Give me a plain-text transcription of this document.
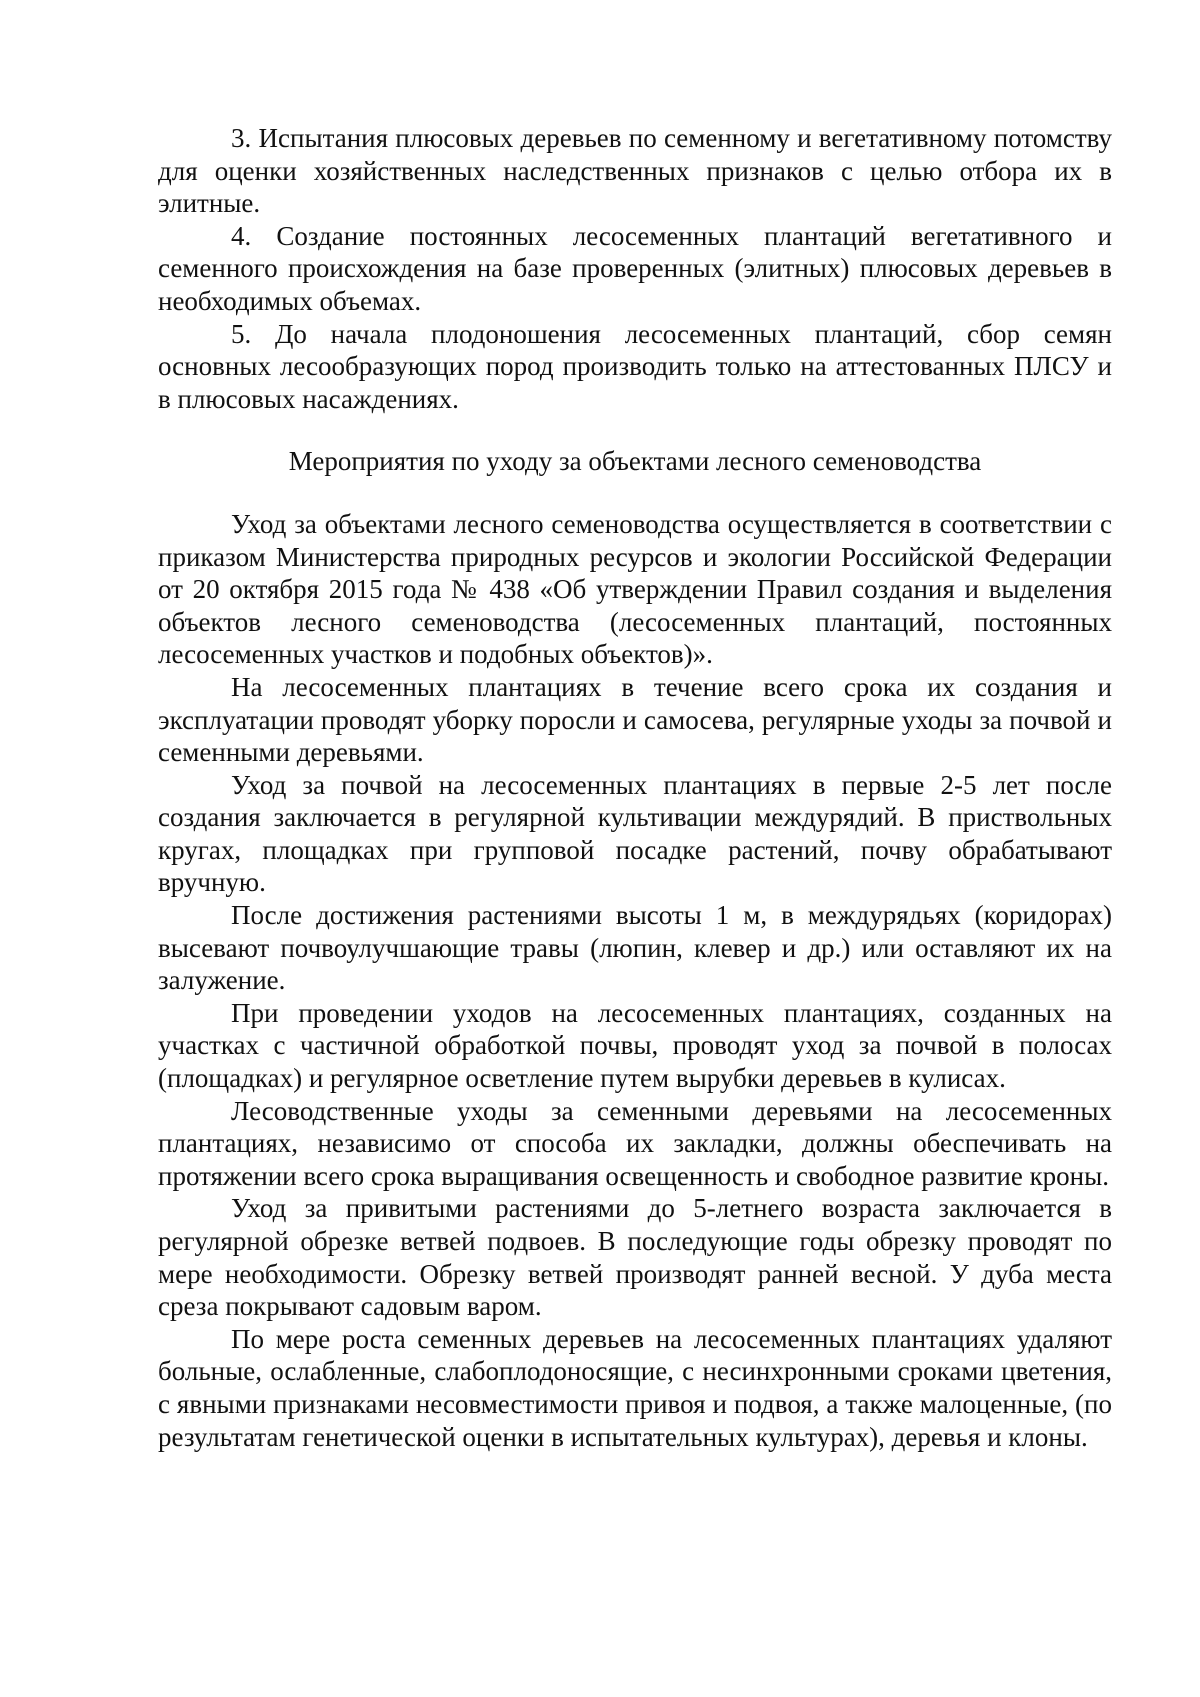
3. Испытания плюсовых деревьев по семенному и вегетативному потомству для оценки хозяйственных наследственных признаков с целью отбора их в элитные.

4. Создание постоянных лесосеменных плантаций вегетативного и семенного происхождения на базе проверенных (элитных) плюсовых деревьев в необходимых объемах.

5. До начала плодоношения лесосеменных плантаций, сбор семян основных лесообразующих пород производить только на аттестованных ПЛСУ и в плюсовых насаждениях.

Мероприятия по уходу за объектами лесного семеноводства

Уход за объектами лесного семеноводства осуществляется в соответствии с приказом Министерства природных ресурсов и экологии Российской Федерации от 20 октября 2015 года № 438 «Об утверждении Правил создания и выделения объектов лесного семеноводства (лесосеменных плантаций, постоянных лесосеменных участков и подобных объектов)».

На лесосеменных плантациях в течение всего срока их создания и эксплуатации проводят уборку поросли и самосева, регулярные уходы за почвой и семенными деревьями.

Уход за почвой на лесосеменных плантациях в первые 2-5 лет после создания заключается в регулярной культивации междурядий. В приствольных кругах, площадках при групповой посадке растений, почву обрабатывают вручную.

После достижения растениями высоты 1 м, в междурядьях (коридорах) высевают почвоулучшающие травы (люпин, клевер и др.) или оставляют их на залужение.

При проведении уходов на лесосеменных плантациях, созданных на участках с частичной обработкой почвы, проводят уход за почвой в полосах (площадках) и регулярное осветление путем вырубки деревьев в кулисах.

Лесоводственные уходы за семенными деревьями на лесосеменных плантациях, независимо от способа их закладки, должны обеспечивать на протяжении всего срока выращивания освещенность и свободное развитие кроны.

Уход за привитыми растениями до 5-летнего возраста заключается в регулярной обрезке ветвей подвоев. В последующие годы обрезку проводят по мере необходимости. Обрезку ветвей производят ранней весной. У дуба места среза покрывают садовым варом.

По мере роста семенных деревьев на лесосеменных плантациях удаляют больные, ослабленные, слабоплодоносящие, с несинхронными сроками цветения, с явными признаками несовместимости привоя и подвоя, а также малоценные, (по результатам генетической оценки в испытательных культурах), деревья и клоны.
